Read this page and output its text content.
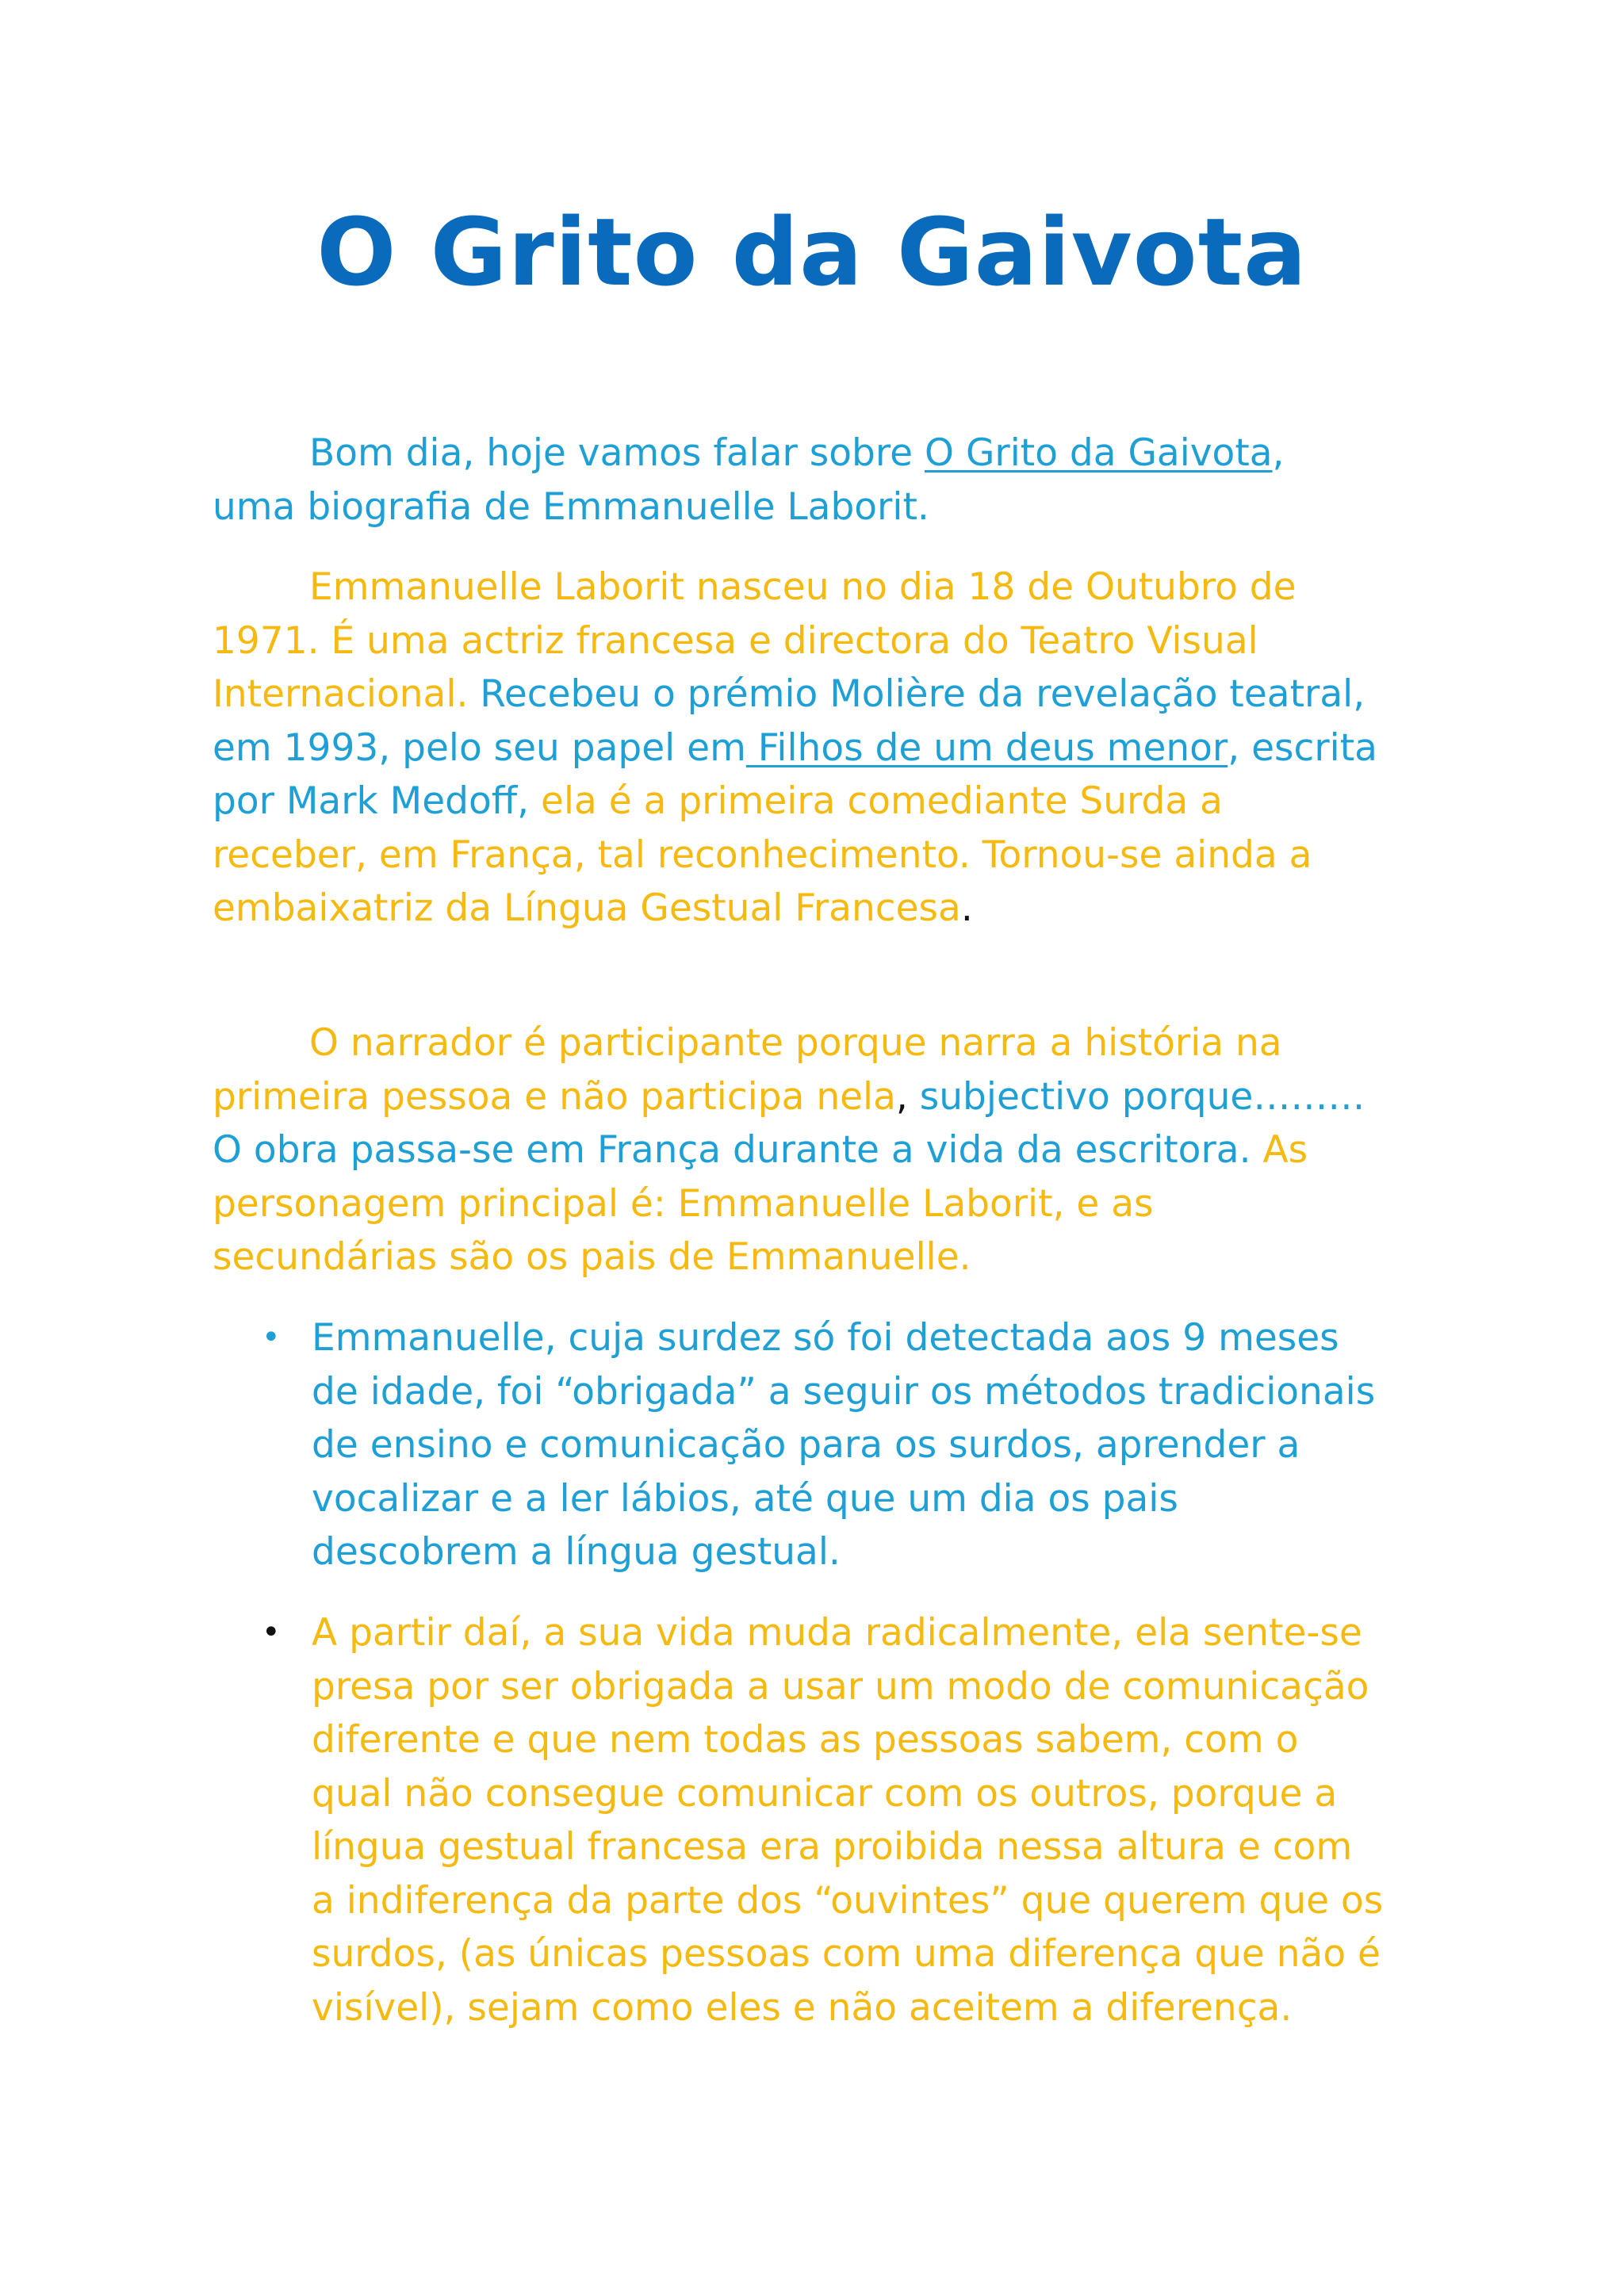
O Grito da Gaivota

Bom dia, hoje vamos falar sobre O Grito da Gaivota,
uma biografia de Emmanuelle Laborit.

Emmanuelle Laborit nasceu no dia 18 de Outubro de 1971. É uma actriz francesa e directora do Teatro Visual Internacional. Recebeu o prémio Molière da revelação teatral, em 1993, pelo seu papel em Filhos de um deus menor, escrita por Mark Medoff, ela é a primeira comediante Surda a receber, em França, tal reconhecimento. Tornou-se ainda a embaixatriz da Língua Gestual Francesa.

O narrador é participante porque narra a história na primeira pessoa e não participa nela, subjectivo porque……… O obra passa-se em França durante a vida da escritora. As personagem principal é: Emmanuelle Laborit, e as secundárias são os pais de Emmanuelle.

• Emmanuelle, cuja surdez só foi detectada aos 9 meses de idade, foi “obrigada” a seguir os métodos tradicionais de ensino e comunicação para os surdos, aprender a vocalizar e a ler lábios, até que um dia os pais descobrem a língua gestual.
• A partir daí, a sua vida muda radicalmente, ela sente-se presa por ser obrigada a usar um modo de comunicação diferente e que nem todas as pessoas sabem, com o qual não consegue comunicar com os outros, porque a língua gestual francesa era proibida nessa altura e com a indiferença da parte dos “ouvintes” que querem que os surdos, (as únicas pessoas com uma diferença que não é visível), sejam como eles e não aceitem a diferença.
